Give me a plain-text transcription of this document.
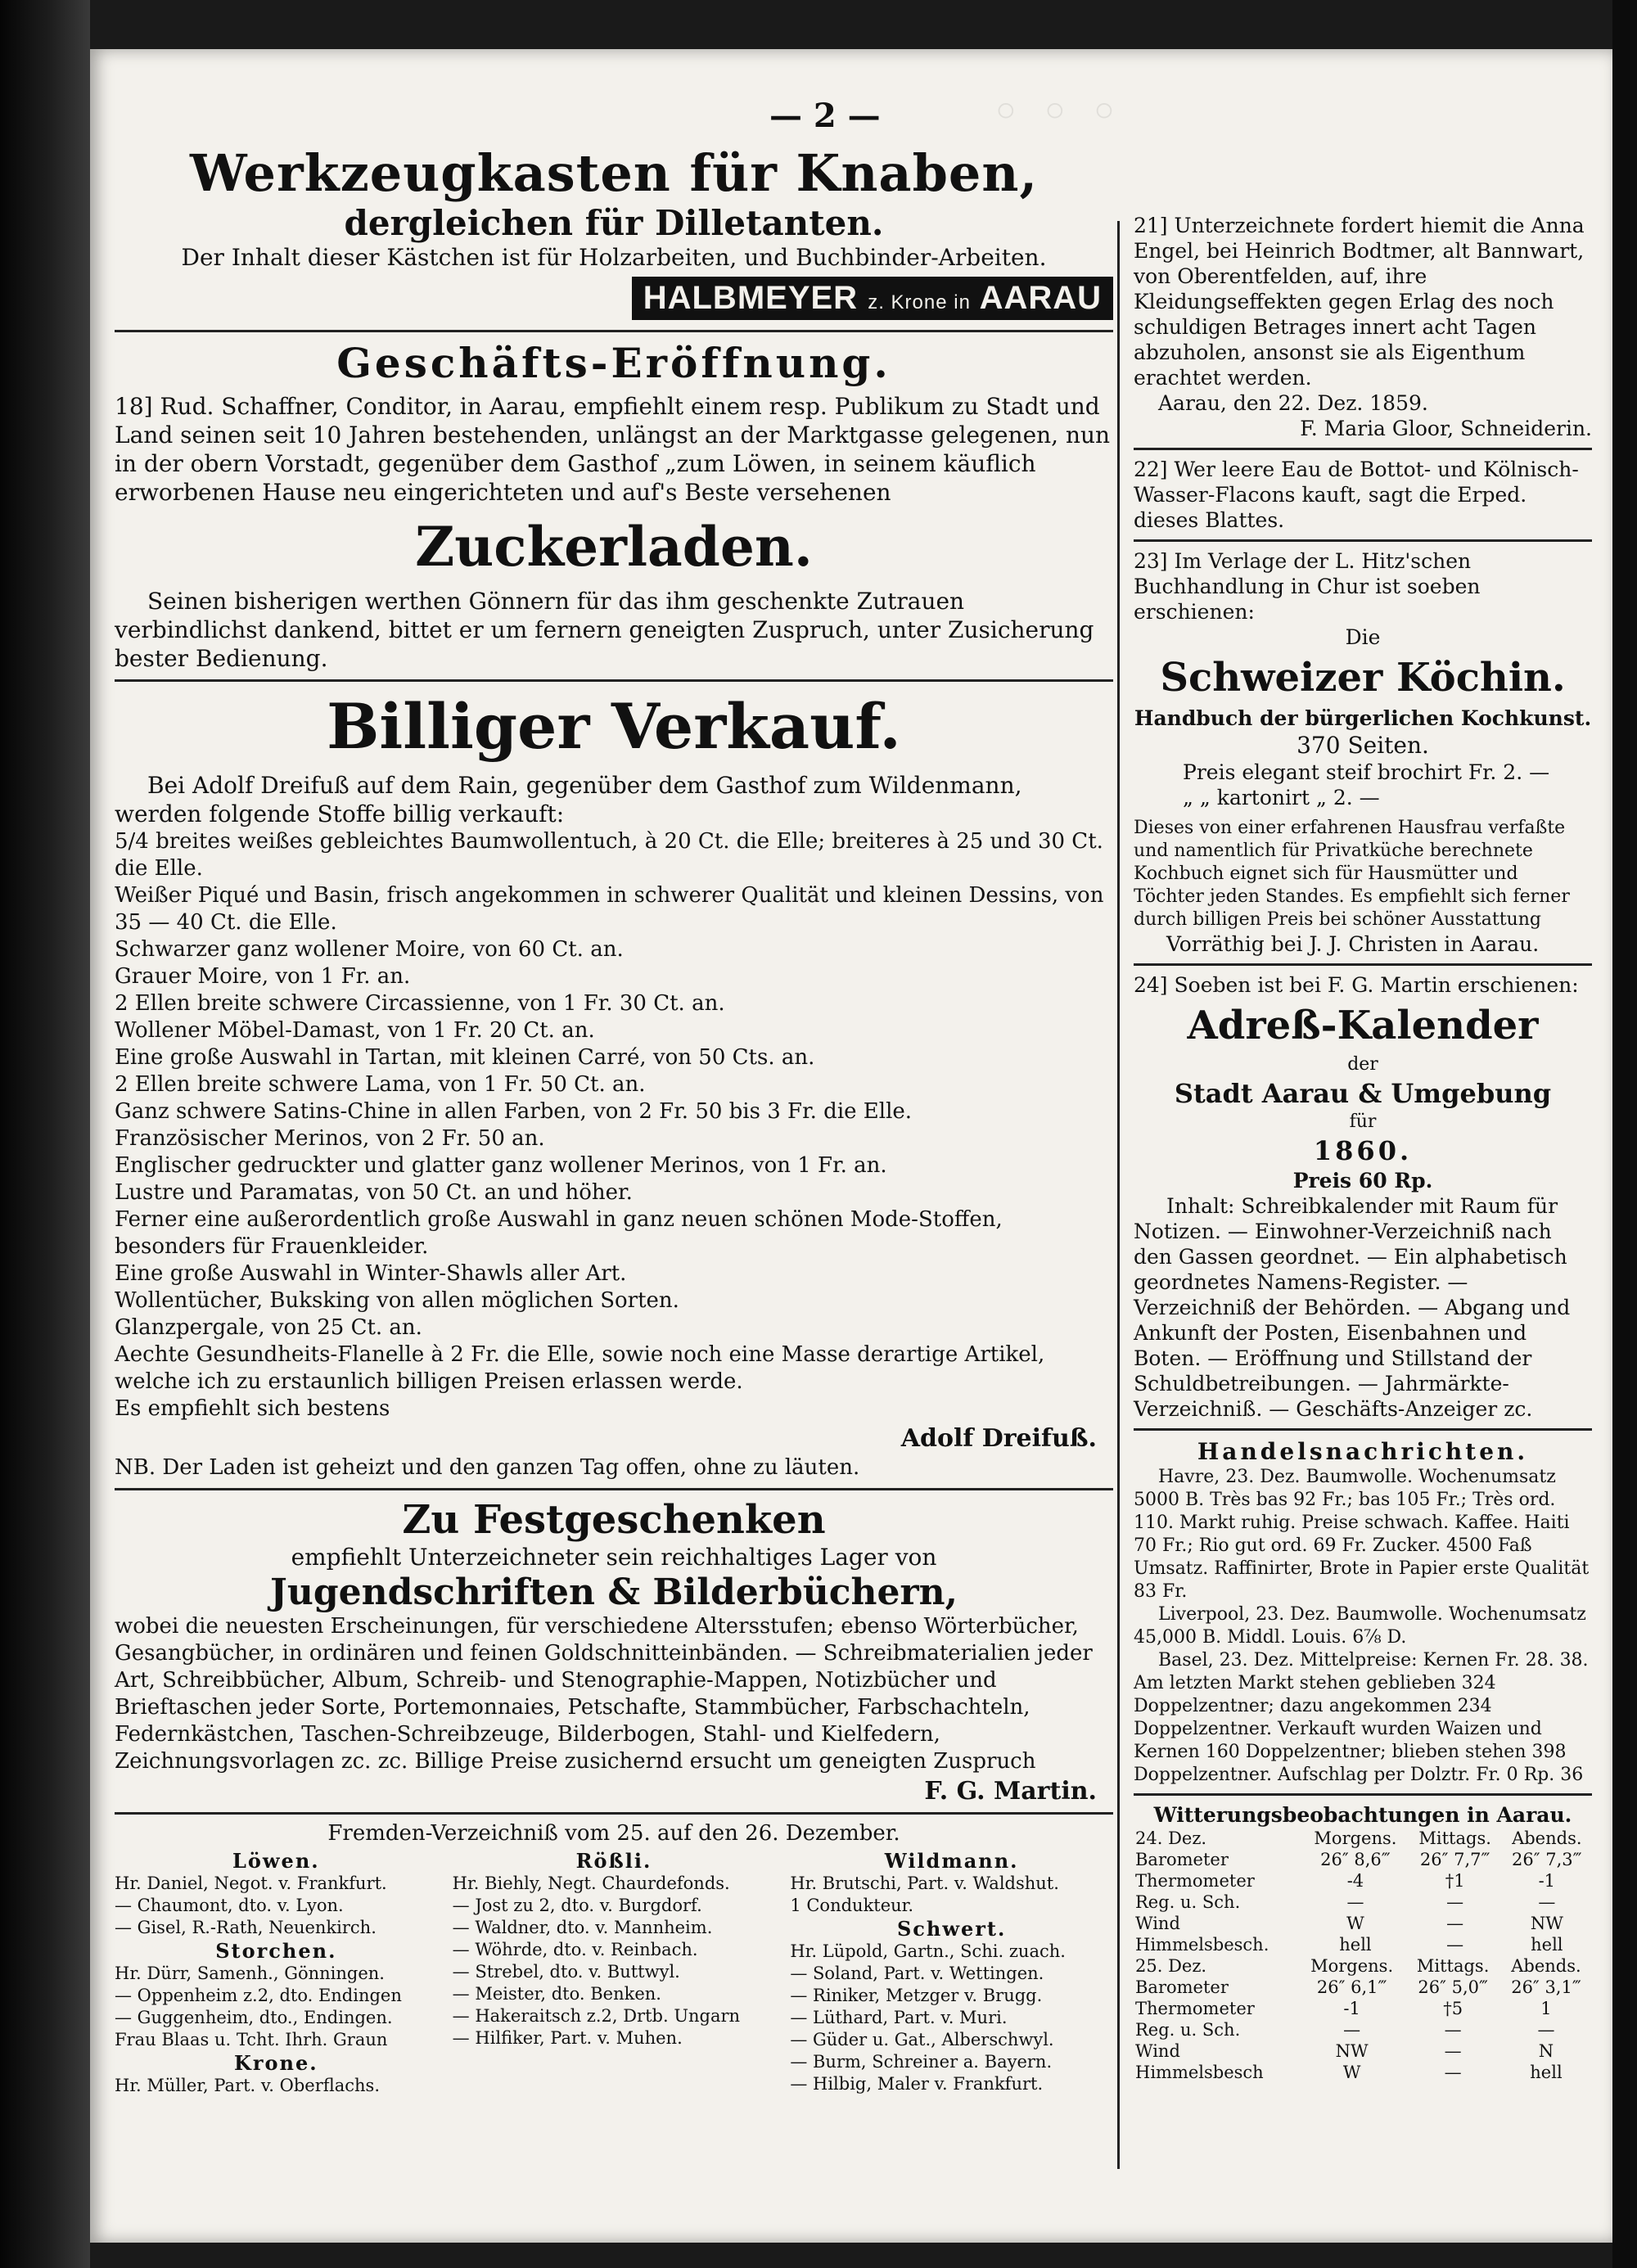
◦ ◦ ◦
— 2 —

Werkzeugkasten für Knaben,

dergleichen für Dilletanten.

Der Inhalt dieser Kästchen ist für Holzarbeiten, und Buchbinder-Arbeiten.

HALBMEYER z. Krone in AARAU

Geschäfts-Eröffnung.

18] Rud. Schaffner, Conditor, in Aarau, empfiehlt einem resp. Publikum zu Stadt und Land seinen seit 10 Jahren bestehenden, unlängst an der Marktgasse gelegenen, nun in der obern Vorstadt, gegenüber dem Gasthof „zum Löwen, in seinem käuflich erworbenen Hause neu eingerichteten und auf's Beste versehenen

Zuckerladen.

Seinen bisherigen werthen Gönnern für das ihm geschenkte Zutrauen verbindlichst dankend, bittet er um fernern geneigten Zuspruch, unter Zusicherung bester Bedienung.

Billiger Verkauf.

Bei Adolf Dreifuß auf dem Rain, gegenüber dem Gasthof zum Wildenmann, werden folgende Stoffe billig verkauft:

5/4 breites weißes gebleichtes Baumwollentuch, à 20 Ct. die Elle; breiteres à 25 und 30 Ct. die Elle.

Weißer Piqué und Basin, frisch angekommen in schwerer Qualität und kleinen Dessins, von 35 — 40 Ct. die Elle.

Schwarzer ganz wollener Moire, von 60 Ct. an.

Grauer Moire, von 1 Fr. an.

2 Ellen breite schwere Circassienne, von 1 Fr. 30 Ct. an.

Wollener Möbel-Damast, von 1 Fr. 20 Ct. an.

Eine große Auswahl in Tartan, mit kleinen Carré, von 50 Cts. an.

2 Ellen breite schwere Lama, von 1 Fr. 50 Ct. an.

Ganz schwere Satins-Chine in allen Farben, von 2 Fr. 50 bis 3 Fr. die Elle.

Französischer Merinos, von 2 Fr. 50 an.

Englischer gedruckter und glatter ganz wollener Merinos, von 1 Fr. an.

Lustre und Paramatas, von 50 Ct. an und höher.

Ferner eine außerordentlich große Auswahl in ganz neuen schönen Mode-Stoffen, besonders für Frauenkleider.

Eine große Auswahl in Winter-Shawls aller Art.

Wollentücher, Buksking von allen möglichen Sorten.

Glanzpergale, von 25 Ct. an.

Aechte Gesundheits-Flanelle à 2 Fr. die Elle, sowie noch eine Masse derartige Artikel, welche ich zu erstaunlich billigen Preisen erlassen werde.

Es empfiehlt sich bestens

Adolf Dreifuß.

NB. Der Laden ist geheizt und den ganzen Tag offen, ohne zu läuten.

Zu Festgeschenken

empfiehlt Unterzeichneter sein reichhaltiges Lager von

Jugendschriften & Bilderbüchern,

wobei die neuesten Erscheinungen, für verschiedene Altersstufen; ebenso Wörterbücher, Gesangbücher, in ordinären und feinen Goldschnitteinbänden. — Schreibmaterialien jeder Art, Schreibbücher, Album, Schreib- und Stenographie-Mappen, Notizbücher und Brieftaschen jeder Sorte, Portemonnaies, Petschafte, Stammbücher, Farbschachteln, Federnkästchen, Taschen-Schreibzeuge, Bilderbogen, Stahl- und Kielfedern, Zeichnungsvorlagen zc. zc. Billige Preise zusichernd ersucht um geneigten Zuspruch

F. G. Martin.

Fremden-Verzeichniß vom 25. auf den 26. Dezember.

Löwen.

Hr. Daniel, Negot. v. Frankfurt.

— Chaumont, dto. v. Lyon.

— Gisel, R.-Rath, Neuenkirch.

Storchen.

Hr. Dürr, Samenh., Gönningen.

— Oppenheim z.2, dto. Endingen

— Guggenheim, dto., Endingen.

Frau Blaas u. Tcht. Ihrh. Graun

Krone.

Hr. Müller, Part. v. Oberflachs.

Rößli.

Hr. Biehly, Negt. Chaurdefonds.

— Jost zu 2, dto. v. Burgdorf.

— Waldner, dto. v. Mannheim.

— Wöhrde, dto. v. Reinbach.

— Strebel, dto. v. Buttwyl.

— Meister, dto. Benken.

— Hakeraitsch z.2, Drtb. Ungarn

— Hilfiker, Part. v. Muhen.

Wildmann.

Hr. Brutschi, Part. v. Waldshut.

1 Condukteur.

Schwert.

Hr. Lüpold, Gartn., Schi. zuach.

— Soland, Part. v. Wettingen.

— Riniker, Metzger v. Brugg.

— Lüthard, Part. v. Muri.

— Güder u. Gat., Alberschwyl.

— Burm, Schreiner a. Bayern.

— Hilbig, Maler v. Frankfurt.

21] Unterzeichnete fordert hiemit die Anna Engel, bei Heinrich Bodtmer, alt Bannwart, von Oberentfelden, auf, ihre Kleidungseffekten gegen Erlag des noch schuldigen Betrages innert acht Tagen abzuholen, ansonst sie als Eigenthum erachtet werden.

Aarau, den 22. Dez. 1859.

F. Maria Gloor, Schneiderin.

22] Wer leere Eau de Bottot- und Kölnisch-Wasser-Flacons kauft, sagt die Erped. dieses Blattes.

23] Im Verlage der L. Hitz'schen Buchhandlung in Chur ist soeben erschienen:

Die

Schweizer Köchin.

Handbuch der bürgerlichen Kochkunst.

370 Seiten.

Preis elegant steif brochirt Fr. 2. —

„ „ kartonirt „ 2. —

Dieses von einer erfahrenen Hausfrau verfaßte und namentlich für Privatküche berechnete Kochbuch eignet sich für Hausmütter und Töchter jeden Standes. Es empfiehlt sich ferner durch billigen Preis bei schöner Ausstattung

Vorräthig bei J. J. Christen in Aarau.

24] Soeben ist bei F. G. Martin erschienen:

Adreß-Kalender

der

Stadt Aarau & Umgebung

für

1860.

Preis 60 Rp.

Inhalt: Schreibkalender mit Raum für Notizen. — Einwohner-Verzeichniß nach den Gassen geordnet. — Ein alphabetisch geordnetes Namens-Register. — Verzeichniß der Behörden. — Abgang und Ankunft der Posten, Eisenbahnen und Boten. — Eröffnung und Stillstand der Schuldbetreibungen. — Jahrmärkte-Verzeichniß. — Geschäfts-Anzeiger zc.

Handelsnachrichten.

Havre, 23. Dez. Baumwolle. Wochenumsatz 5000 B. Très bas 92 Fr.; bas 105 Fr.; Très ord. 110. Markt ruhig. Preise schwach. Kaffee. Haiti 70 Fr.; Rio gut ord. 69 Fr. Zucker. 4500 Faß Umsatz. Raffinirter, Brote in Papier erste Qualität 83 Fr.

Liverpool, 23. Dez. Baumwolle. Wochenumsatz 45,000 B. Middl. Louis. 6⅞ D.

Basel, 23. Dez. Mittelpreise: Kernen Fr. 28. 38. Am letzten Markt stehen geblieben 324 Doppelzentner; dazu angekommen 234 Doppelzentner. Verkauft wurden Waizen und Kernen 160 Doppelzentner; blieben stehen 398 Doppelzentner. Aufschlag per Dolztr. Fr. 0 Rp. 36

Witterungsbeobachtungen in Aarau.

24. Dez.	Morgens.	Mittags.	Abends.
Barometer	26″ 8,6‴	26″ 7,7‴	26″ 7,3‴
Thermometer	-4	†1	-1
Reg. u. Sch.	—	—	—
Wind	W	—	NW
Himmelsbesch.	hell	—	hell
25. Dez.	Morgens.	Mittags.	Abends.
Barometer	26″ 6,1‴	26″ 5,0‴	26″ 3,1‴
Thermometer	-1	†5	1
Reg. u. Sch.	—	—	—
Wind	NW	—	N
Himmelsbesch	W	—	hell
